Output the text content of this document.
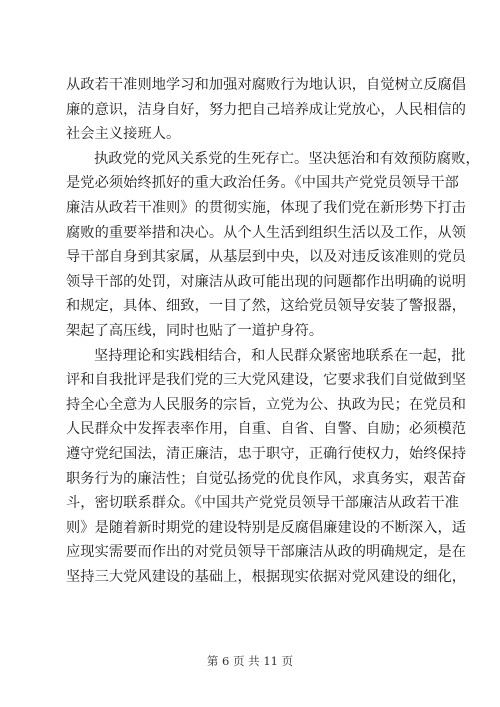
从政若干准则地学习和加强对腐败行为地认识，自觉树立反腐倡
廉的意识，洁身自好，努力把自己培养成让党放心，人民相信的
社会主义接班人。

执政党的党风关系党的生死存亡。坚决惩治和有效预防腐败，
是党必须始终抓好的重大政治任务。《中国共产党党员领导干部
廉洁从政若干准则》的贯彻实施，体现了我们党在新形势下打击
腐败的重要举措和决心。从个人生活到组织生活以及工作，从领
导干部自身到其家属，从基层到中央，以及对违反该准则的党员
领导干部的处罚，对廉洁从政可能出现的问题都作出明确的说明
和规定，具体、细致，一目了然，这给党员领导安装了警报器，
架起了高压线，同时也贴了一道护身符。

坚持理论和实践相结合，和人民群众紧密地联系在一起，批
评和自我批评是我们党的三大党风建设，它要求我们自觉做到坚
持全心全意为人民服务的宗旨，立党为公、执政为民；在党员和
人民群众中发挥表率作用，自重、自省、自警、自励；必须模范
遵守党纪国法，清正廉洁，忠于职守，正确行使权力，始终保持
职务行为的廉洁性；自觉弘扬党的优良作风，求真务实，艰苦奋
斗，密切联系群众。《中国共产党党员领导干部廉洁从政若干准
则》是随着新时期党的建设特别是反腐倡廉建设的不断深入，适
应现实需要而作出的对党员领导干部廉洁从政的明确规定，是在
坚持三大党风建设的基础上，根据现实依据对党风建设的细化，

第 6 页 共 11 页
